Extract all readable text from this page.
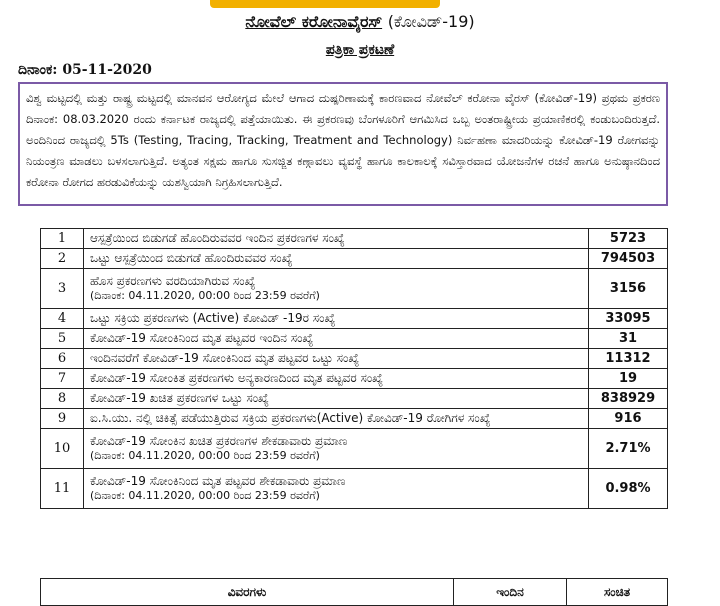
ನೋವೆಲ್ ಕರೋನಾವೈರಸ್ (ಕೋವಿಡ್-19)
ಪತ್ರಿಕಾ ಪ್ರಕಟಣೆ
ದಿನಾಂಕ: 05-11-2020
ವಿಶ್ವ ಮಟ್ಟದಲ್ಲಿ ಮತ್ತು ರಾಷ್ಟ್ರ ಮಟ್ಟದಲ್ಲಿ ಮಾನವನ ಆರೋಗ್ಯದ ಮೇಲೆ ಆಗಾದ ದುಷ್ಪರಿಣಾಮಕ್ಕೆ ಕಾರಣವಾದ ನೋವೆಲ್ ಕರೋನಾ ವೈರಸ್ (ಕೋವಿಡ್-19) ಪ್ರಥಮ ಪ್ರಕರಣ ದಿನಾಂಕ: 08.03.2020 ರಂದು ಕರ್ನಾಟಕ ರಾಜ್ಯದಲ್ಲಿ ಪತ್ತೆಯಾಯಿತು. ಈ ಪ್ರಕರಣವು ಬೆಂಗಳೂರಿಗೆ ಆಗಮಿಸಿದ ಒಬ್ಬ ಅಂತರಾಷ್ಟ್ರೀಯ ಪ್ರಯಾಣಿಕರಲ್ಲಿ ಕಂಡುಬಂದಿರುತ್ತದೆ. ಅಂದಿನಿಂದ ರಾಜ್ಯದಲ್ಲಿ 5Ts (Testing, Tracing, Tracking, Treatment and Technology) ನಿರ್ವಹಣಾ ಮಾದರಿಯನ್ನು ಕೋವಿಡ್-19 ರೋಗವನ್ನು ನಿಯಂತ್ರಣ ಮಾಡಲು ಬಳಸಲಾಗುತ್ತಿದೆ. ಅತ್ಯಂತ ಸಕ್ಷಮ ಹಾಗೂ ಸುಸಜ್ಜಿತ ಕಣ್ಗಾವಲು ವ್ಯವಸ್ಥೆ ಹಾಗೂ ಕಾಲಕಾಲಕ್ಕೆ ಸವಿಸ್ತಾರವಾದ ಯೋಜನೆಗಳ ರಚನೆ ಹಾಗೂ ಅನುಷ್ಠಾನದಿಂದ ಕರೋನಾ ರೋಗದ ಹರಡುವಿಕೆಯನ್ನು ಯಶಸ್ವಿಯಾಗಿ ನಿಗ್ರಹಿಸಲಾಗುತ್ತಿದೆ.
1	ಆಸ್ಪತ್ರೆಯಿಂದ ಬಿಡುಗಡೆ ಹೊಂದಿರುವವರ ಇಂದಿನ ಪ್ರಕರಣಗಳ ಸಂಖ್ಯೆ	5723
2	ಒಟ್ಟು ಆಸ್ಪತ್ರೆಯಿಂದ ಬಿಡುಗಡೆ ಹೊಂದಿರುವವರ ಸಂಖ್ಯೆ	794503
3	ಹೊಸ ಪ್ರಕರಣಗಳು ವರದಿಯಾಗಿರುವ ಸಂಖ್ಯೆ
(ದಿನಾಂಕ: 04.11.2020, 00:00 ರಿಂದ 23:59 ರವರೆಗೆ)	3156
4	ಒಟ್ಟು ಸಕ್ರಿಯ ಪ್ರಕರಣಗಳು (Active) ಕೋವಿಡ್ -19ರ ಸಂಖ್ಯೆ	33095
5	ಕೋವಿಡ್-19 ಸೋಂಕಿನಿಂದ ಮೃತ ಪಟ್ಟವರ ಇಂದಿನ ಸಂಖ್ಯೆ	31
6	ಇಂದಿನವರೆಗೆ ಕೋವಿಡ್-19 ಸೋಂಕಿನಿಂದ ಮೃತ ಪಟ್ಟವರ ಒಟ್ಟು ಸಂಖ್ಯೆ	11312
7	ಕೋವಿಡ್-19 ಸೋಂಕಿತ ಪ್ರಕರಣಗಳು ಅನ್ಯಕಾರಣದಿಂದ ಮೃತ ಪಟ್ಟವರ ಸಂಖ್ಯೆ	19
8	ಕೋವಿಡ್-19 ಖಚಿತ ಪ್ರಕರಣಗಳ ಒಟ್ಟು ಸಂಖ್ಯೆ	838929
9	ಐ.ಸಿ.ಯು. ನಲ್ಲಿ ಚಿಕಿತ್ಸೆ ಪಡೆಯುತ್ತಿರುವ ಸಕ್ರಿಯ ಪ್ರಕರಣಗಳು(Active) ಕೋವಿಡ್-19 ರೋಗಿಗಳ ಸಂಖ್ಯೆ	916
10	ಕೋವಿಡ್-19 ಸೋಂಕಿನ ಖಚಿತ ಪ್ರಕರಣಗಳ ಶೇಕಡಾವಾರು ಪ್ರಮಾಣ
(ದಿನಾಂಕ: 04.11.2020, 00:00 ರಿಂದ 23:59 ರವರೆಗೆ)	2.71%
11	ಕೋವಿಡ್-19 ಸೋಂಕಿನಿಂದ ಮೃತ ಪಟ್ಟವರ ಶೇಕಡಾವಾರು ಪ್ರಮಾಣ
(ದಿನಾಂಕ: 04.11.2020, 00:00 ರಿಂದ 23:59 ರವರೆಗೆ)	0.98%
ವಿವರಗಳು	ಇಂದಿನ	ಸಂಚಿತ
